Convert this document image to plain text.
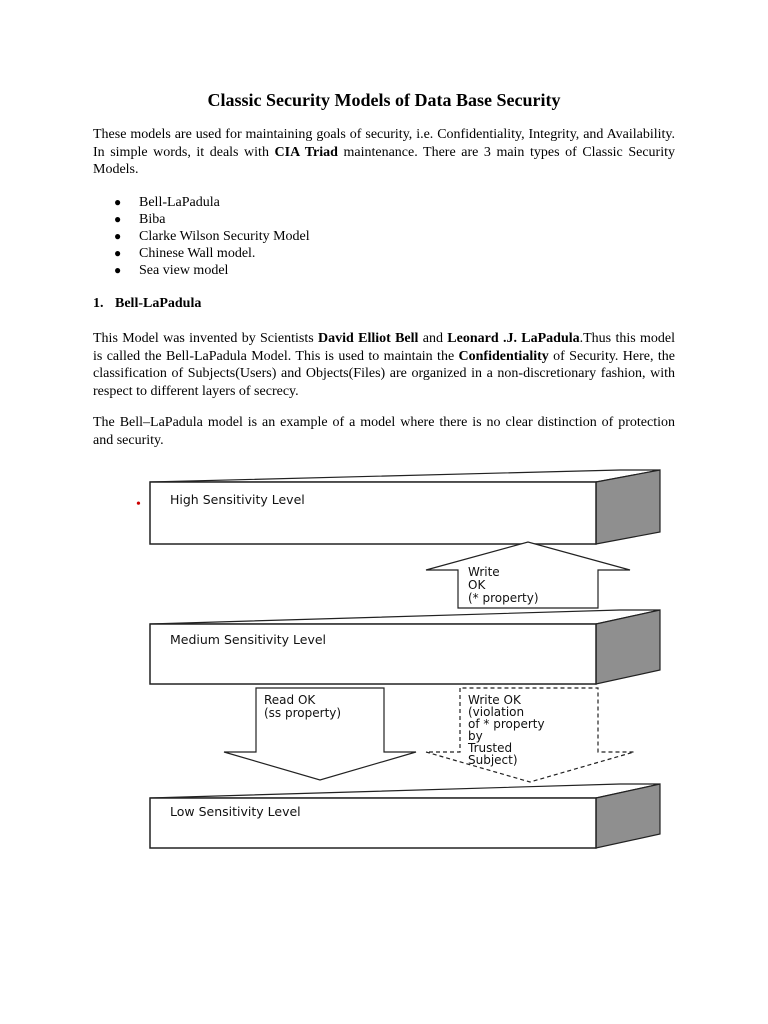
Classic Security Models of Data Base Security
These models are used for maintaining goals of security, i.e. Confidentiality, Integrity, and Availability. In simple words, it deals with CIA Triad maintenance. There are 3 main types of Classic Security Models.
● Bell-LaPadula
● Biba
● Clarke Wilson Security Model
● Chinese Wall model.
● Sea view model
1. Bell-LaPadula
This Model was invented by Scientists David Elliot Bell and Leonard .J. LaPadula.Thus this model is called the Bell-LaPadula Model. This is used to maintain the Confidentiality of Security. Here, the classification of Subjects(Users) and Objects(Files) are organized in a non-discretionary fashion, with respect to different layers of secrecy.
The Bell–LaPadula model is an example of a model where there is no clear distinction of protection and security.
High Sensitivity Level
•
Write
OK
(* property)
Medium Sensitivity Level
Read OK
(ss property)
Write OK
(violation
of * property
by
Trusted
Subject)
Low Sensitivity Level
